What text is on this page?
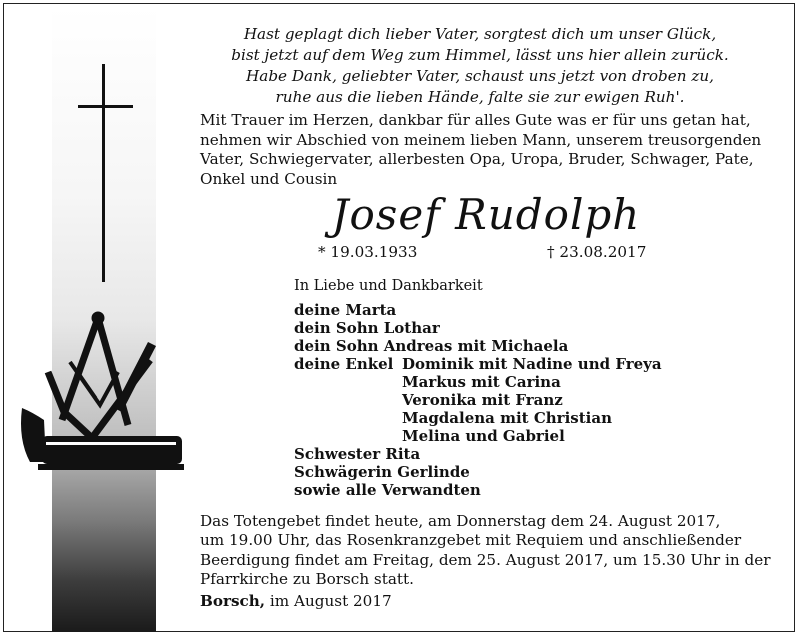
Hast geplagt dich lieber Vater, sorgtest dich um unser Glück,
bist jetzt auf dem Weg zum Himmel, lässt uns hier allein zurück.
Habe Dank, geliebter Vater, schaust uns jetzt von droben zu,
ruhe aus die lieben Hände, falte sie zur ewigen Ruh'.
Mit Trauer im Herzen, dankbar für alles Gute was er für uns getan hat,
nehmen wir Abschied von meinem lieben Mann, unserem treusorgenden
Vater, Schwiegervater, allerbesten Opa, Uropa, Bruder, Schwager, Pate,
Onkel und Cousin
Josef Rudolph
* 19.03.1933	† 23.08.2017
In Liebe und Dankbarkeit
deine Marta
dein Sohn Lothar
dein Sohn Andreas mit Michaela
deine Enkel Dominik mit Nadine und Freya
Markus mit Carina
Veronika mit Franz
Magdalena mit Christian
Melina und Gabriel
Schwester Rita
Schwägerin Gerlinde
sowie alle Verwandten
Das Totengebet findet heute, am Donnerstag dem 24. August 2017,
um 19.00 Uhr, das Rosenkranzgebet mit Requiem und anschließender
Beerdigung findet am Freitag, dem 25. August 2017, um 15.30 Uhr in der
Pfarrkirche zu Borsch statt.
Borsch, im August 2017
